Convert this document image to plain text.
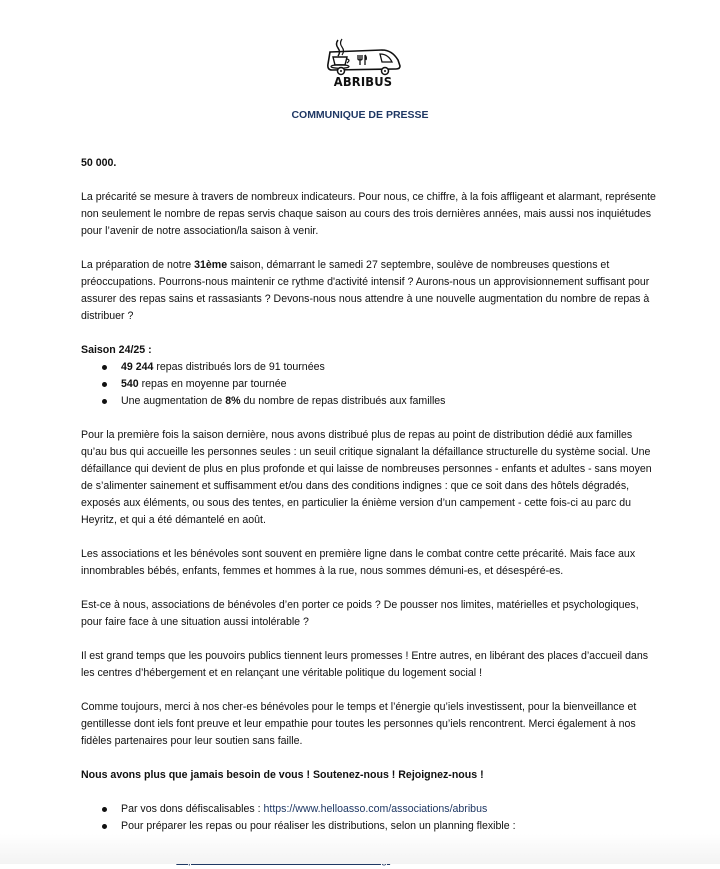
ABRIBUS
COMMUNIQUE DE PRESSE

50 000.

La précarité se mesure à travers de nombreux indicateurs. Pour nous, ce chiffre, à la fois affligeant et alarmant, représente non seulement le nombre de repas servis chaque saison au cours des trois dernières années, mais aussi nos inquiétudes pour l’avenir de notre association/la saison à venir.

La préparation de notre 31ème saison, démarrant le samedi 27 septembre, soulève de nombreuses questions et préoccupations. Pourrons-nous maintenir ce rythme d'activité intensif ? Aurons-nous un approvisionnement suffisant pour assurer des repas sains et rassasiants ? Devons-nous nous attendre à une nouvelle augmentation du nombre de repas à distribuer ?

Saison 24/25 :

49 244 repas distribués lors de 91 tournées
540 repas en moyenne par tournée
Une augmentation de 8% du nombre de repas distribués aux familles

Pour la première fois la saison dernière, nous avons distribué plus de repas au point de distribution dédié aux familles qu’au bus qui accueille les personnes seules : un seuil critique signalant la défaillance structurelle du système social. Une défaillance qui devient de plus en plus profonde et qui laisse de nombreuses personnes - enfants et adultes - sans moyen de s’alimenter sainement et suffisamment et/ou dans des conditions indignes : que ce soit dans des hôtels dégradés, exposés aux éléments, ou sous des tentes, en particulier la énième version d’un campement - cette fois-ci au parc du Heyritz, et qui a été démantelé en août.

Les associations et les bénévoles sont souvent en première ligne dans le combat contre cette précarité. Mais face aux innombrables bébés, enfants, femmes et hommes à la rue, nous sommes démuni-es, et désespéré-es.

Est-ce à nous, associations de bénévoles d’en porter ce poids ? De pousser nos limites, matérielles et psychologiques, pour faire face à une situation aussi intolérable ?

Il est grand temps que les pouvoirs publics tiennent leurs promesses ! Entre autres, en libérant des places d’accueil dans les centres d’hébergement et en relançant une véritable politique du logement social !

Comme toujours, merci à nos cher-es bénévoles pour le temps et l’énergie qu’iels investissent, pour la bienveillance et gentillesse dont iels font preuve et leur empathie pour toutes les personnes qu’iels rencontrent. Merci également à nos fidèles partenaires pour leur soutien sans faille.

Nous avons plus que jamais besoin de vous ! Soutenez-nous ! Rejoignez-nous !

Par vos dons défiscalisables : https://www.helloasso.com/associations/abribus
Pour préparer les repas ou pour réaliser les distributions, selon un planning flexible :
